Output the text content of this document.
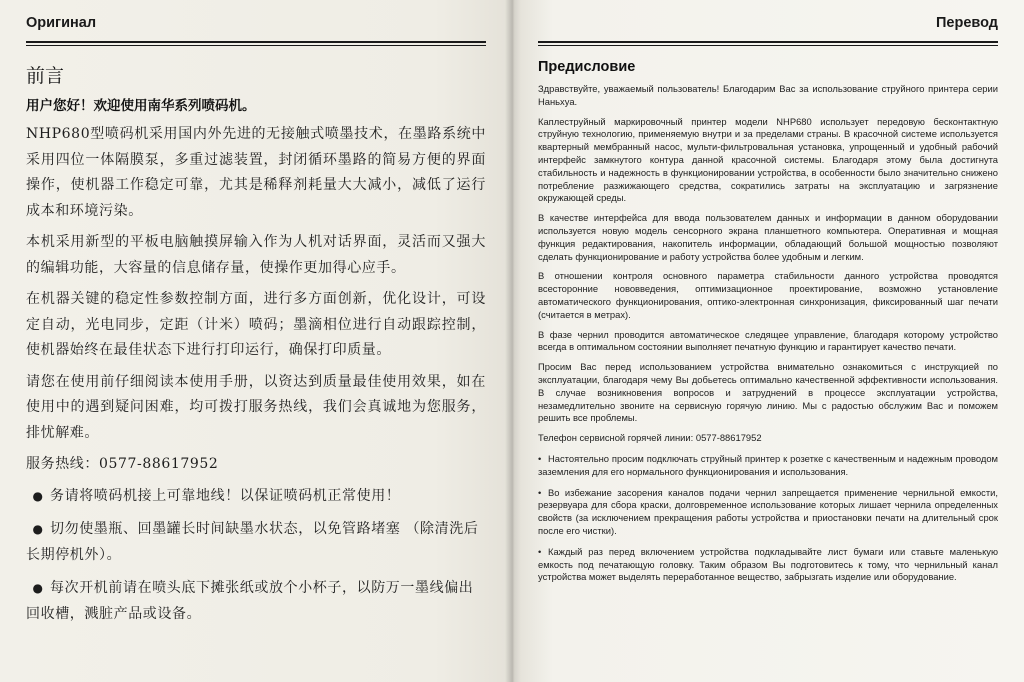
Оригинал
前言
用户您好！欢迎使用南华系列喷码机。

NHP680型喷码机采用国内外先进的无接触式喷墨技术，在墨路系统中采用四位一体隔膜泵，多重过滤装置，封闭循环墨路的简易方便的界面操作，使机器工作稳定可靠，尤其是稀释剂耗量大大减小，减低了运行成本和环境污染。

本机采用新型的平板电脑触摸屏输入作为人机对话界面，灵活而又强大的编辑功能，大容量的信息储存量，使操作更加得心应手。

在机器关键的稳定性参数控制方面，进行多方面创新，优化设计，可设定自动，光电同步，定距（计米）喷码；墨滴相位进行自动跟踪控制，使机器始终在最佳状态下进行打印运行，确保打印质量。

请您在使用前仔细阅读本使用手册，以资达到质量最佳使用效果，如在使用中的遇到疑问困难，均可拨打服务热线，我们会真诚地为您服务，排忧解难。

服务热线：0577-88617952

● 务请将喷码机接上可靠地线！以保证喷码机正常使用！
● 切勿使墨瓶、回墨罐长时间缺墨水状态，以免管路堵塞 （除清洗后长期停机外）。
● 每次开机前请在喷头底下摊张纸或放个小杯子，以防万一墨线偏出回收槽，溅脏产品或设备。
Перевод
Предисловие

Здравствуйте, уважаемый пользователь! Благодарим Вас за использование струйного принтера серии Наньхуа.

Каплеструйный маркировочный принтер модели NHP680 использует передовую бесконтактную струйную технологию, применяемую внутри и за пределами страны. В красочной системе используется квартерный мембранный насос, мульти-фильтровальная установка, упрощенный и удобный рабочий интерфейс замкнутого контура данной красочной системы. Благодаря этому была достигнута стабильность и надежность в функционировании устройства, в особенности было значительно снижено потребление разжижающего средства, сократились затраты на эксплуатацию и загрязнение окружающей среды.

В качестве интерфейса для ввода пользователем данных и информации в данном оборудовании используется новую модель сенсорного экрана планшетного компьютера. Оперативная и мощная функция редактирования, накопитель информации, обладающий большой мощностью позволяют сделать функционирование и работу устройства более удобным и легким.

В отношении контроля основного параметра стабильности данного устройства проводятся всесторонние нововведения, оптимизационное проектирование, возможно установление автоматического функционирования, оптико-электронная синхронизация, фиксированный шаг печати (считается в метрах).

В фазе чернил проводится автоматическое следящее управление, благодаря которому устройство всегда в оптимальном состоянии выполняет печатную функцию и гарантирует качество печати.

Просим Вас перед использованием устройства внимательно ознакомиться с инструкцией по эксплуатации, благодаря чему Вы добьетесь оптимально качественной эффективности использования. В случае возникновения вопросов и затруднений в процессе эксплуатации устройства, незамедлительно звоните на сервисную горячую линию. Мы с радостью обслужим Вас и поможем решить все проблемы.

Телефон сервисной горячей линии: 0577-88617952

• Настоятельно просим подключать струйный принтер к розетке с качественным и надежным проводом заземления для его нормального функционирования и использования.
• Во избежание засорения каналов подачи чернил запрещается применение чернильной емкости, резервуара для сбора краски, долговременное использование которых лишает чернила определенных свойств (за исключением прекращения работы устройства и приостановки печати на длительный срок после его чистки).
• Каждый раз перед включением устройства подкладывайте лист бумаги или ставьте маленькую емкость под печатающую головку. Таким образом Вы подготовитесь к тому, что чернильный канал устройства может выделять переработанное вещество, забрызгать изделие или оборудование.
